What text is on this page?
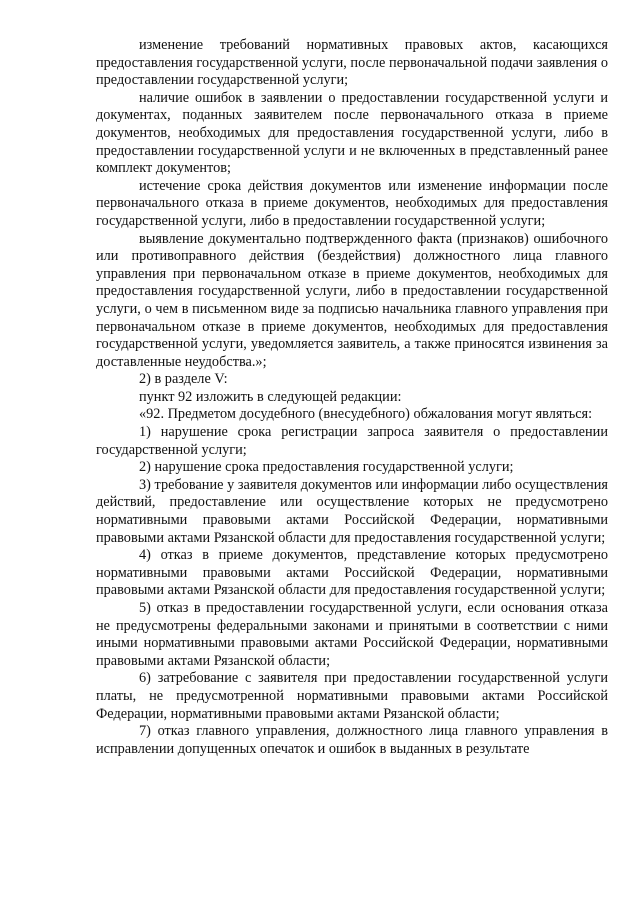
изменение требований нормативных правовых актов, касающихся предоставления государственной услуги, после первоначальной подачи заявления о предоставлении государственной услуги;

наличие ошибок в заявлении о предоставлении государственной услуги и документах, поданных заявителем после первоначального отказа в приеме документов, необходимых для предоставления государственной услуги, либо в предоставлении государственной услуги и не включенных в представленный ранее комплект документов;

истечение срока действия документов или изменение информации после первоначального отказа в приеме документов, необходимых для предоставления государственной услуги, либо в предоставлении государственной услуги;

выявление документально подтвержденного факта (признаков) ошибочного или противоправного действия (бездействия) должностного лица главного управления при первоначальном отказе в приеме документов, необходимых для предоставления государственной услуги, либо в предоставлении государственной услуги, о чем в письменном виде за подписью начальника главного управления при первоначальном отказе в приеме документов, необходимых для предоставления государственной услуги, уведомляется заявитель, а также приносятся извинения за доставленные неудобства.»;

2) в разделе V:

пункт 92 изложить в следующей редакции:

«92. Предметом досудебного (внесудебного) обжалования могут являться:

1) нарушение срока регистрации запроса заявителя о предоставлении государственной услуги;

2) нарушение срока предоставления государственной услуги;

3) требование у заявителя документов или информации либо осуществления действий, предоставление или осуществление которых не предусмотрено нормативными правовыми актами Российской Федерации, нормативными правовыми актами Рязанской области для предоставления государственной услуги;

4) отказ в приеме документов, представление которых предусмотрено нормативными правовыми актами Российской Федерации, нормативными правовыми актами Рязанской области для предоставления государственной услуги;

5) отказ в предоставлении государственной услуги, если основания отказа не предусмотрены федеральными законами и принятыми в соответствии с ними иными нормативными правовыми актами Российской Федерации, нормативными правовыми актами Рязанской области;

6) затребование с заявителя при предоставлении государственной услуги платы, не предусмотренной нормативными правовыми актами Российской Федерации, нормативными правовыми актами Рязанской области;

7) отказ главного управления, должностного лица главного управления в исправлении допущенных опечаток и ошибок в выданных в результате
